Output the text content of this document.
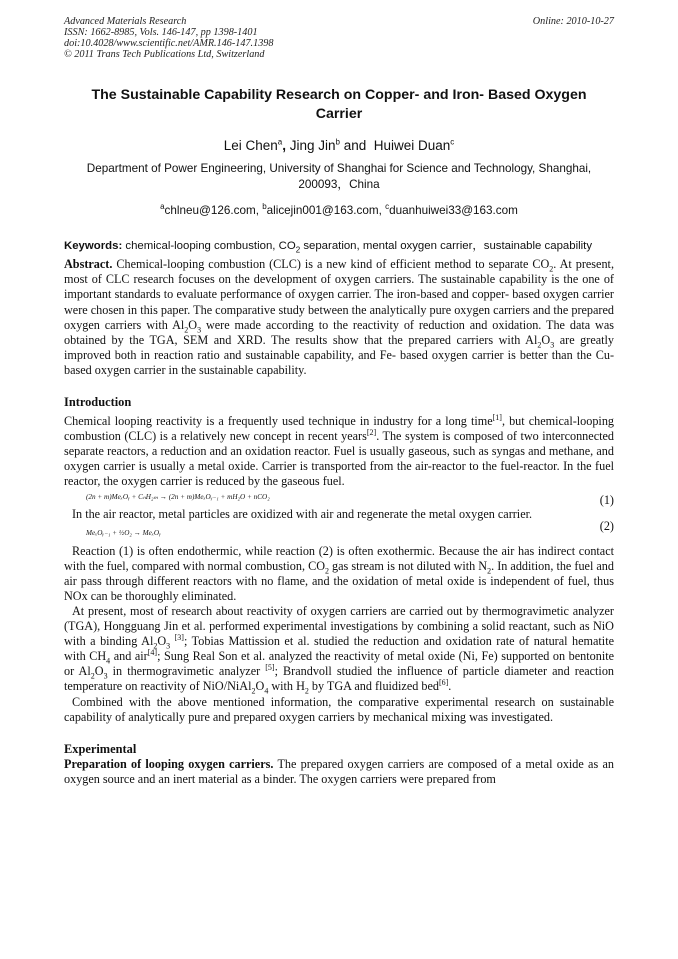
Advanced Materials Research
ISSN: 1662-8985, Vols. 146-147, pp 1398-1401
doi:10.4028/www.scientific.net/AMR.146-147.1398
© 2011 Trans Tech Publications Ltd, Switzerland
Online: 2010-10-27
The Sustainable Capability Research on Copper- and Iron- Based Oxygen Carrier
Lei Chen$^a$, Jing Jin$^b$ and  Huiwei Duan$^c$
Department of Power Engineering, University of Shanghai for Science and Technology, Shanghai, 200093，China
$^a$chlneu@126.com, $^b$alicejin001@163.com, $^c$duanhuiwei33@163.com
Keywords: chemical-looping combustion, $CO_2$ separation, mental oxygen carrier，sustainable capability
Abstract. Chemical-looping combustion (CLC) is a new kind of efficient method to separate $CO_2$. At present, most of CLC research focuses on the development of oxygen carriers. The sustainable capability is the one of important standards to evaluate performance of oxygen carrier. The iron-based and copper- based oxygen carrier were chosen in this paper. The comparative study between the analytically pure oxygen carriers and the prepared oxygen carriers with $Al_2O_3$ were made according to the reactivity of reduction and oxidation. The data was obtained by the TGA, SEM and XRD. The results show that the prepared carriers with $Al_2O_3$ are greatly improved both in reaction ratio and sustainable capability, and Fe- based oxygen carrier is better than the Cu- based oxygen carrier in the sustainable capability.
Introduction
Chemical looping reactivity is a frequently used technique in industry for a long time[1], but chemical-looping combustion (CLC) is a relatively new concept in recent years[2]. The system is composed of two interconnected separate reactors, a reduction and an oxidation reactor. Fuel is usually gaseous, such as syngas and methane, and oxygen carrier is usually a metal oxide. Carrier is transported from the air-reactor to the fuel-reactor. In the fuel reactor, the oxygen carrier is reduced by the gaseous fuel.
(2n + m)MeₓOᵧ + CₙH₂ₘ → (2n + m)MeₓOᵧ₋₁ + mH₂O + nCO₂	(1)
In the air reactor, metal particles are oxidized with air and regenerate the metal oxygen carrier.
(2)
MeₓOᵧ₋₁ + ½O₂ → MeₓOᵧ
Reaction (1) is often endothermic, while reaction (2) is often exothermic. Because the air has indirect contact with the fuel, compared with normal combustion, $CO_2$ gas stream is not diluted with $N_2$. In addition, the fuel and air pass through different reactors with no flame, and the oxidation of metal oxide is independent of fuel, thus NOx can be thoroughly eliminated.
At present, most of research about reactivity of oxygen carriers are carried out by thermogravimetic analyzer (TGA), Hongguang Jin et al. performed experimental investigations by combining a solid reactant, such as NiO with a binding $Al_2O_3$ [3]; Tobias Mattission et al. studied the reduction and oxidation rate of natural hematite with $CH_4$ and air[4]; Sung Real Son et al. analyzed the reactivity of metal oxide (Ni, Fe) supported on bentonite or $Al_2O_3$ in thermogravimetic analyzer [5]; Brandvoll studied the influence of particle diameter and reaction temperature on reactivity of NiO/$NiAl_2O_4$ with $H_2$ by TGA and fluidized bed[6].
Combined with the above mentioned information, the comparative experimental research on sustainable capability of analytically pure and prepared oxygen carriers by mechanical mixing was investigated.
Experimental
Preparation of looping oxygen carriers. The prepared oxygen carriers are composed of a metal oxide as an oxygen source and an inert material as a binder. The oxygen carriers were prepared from
